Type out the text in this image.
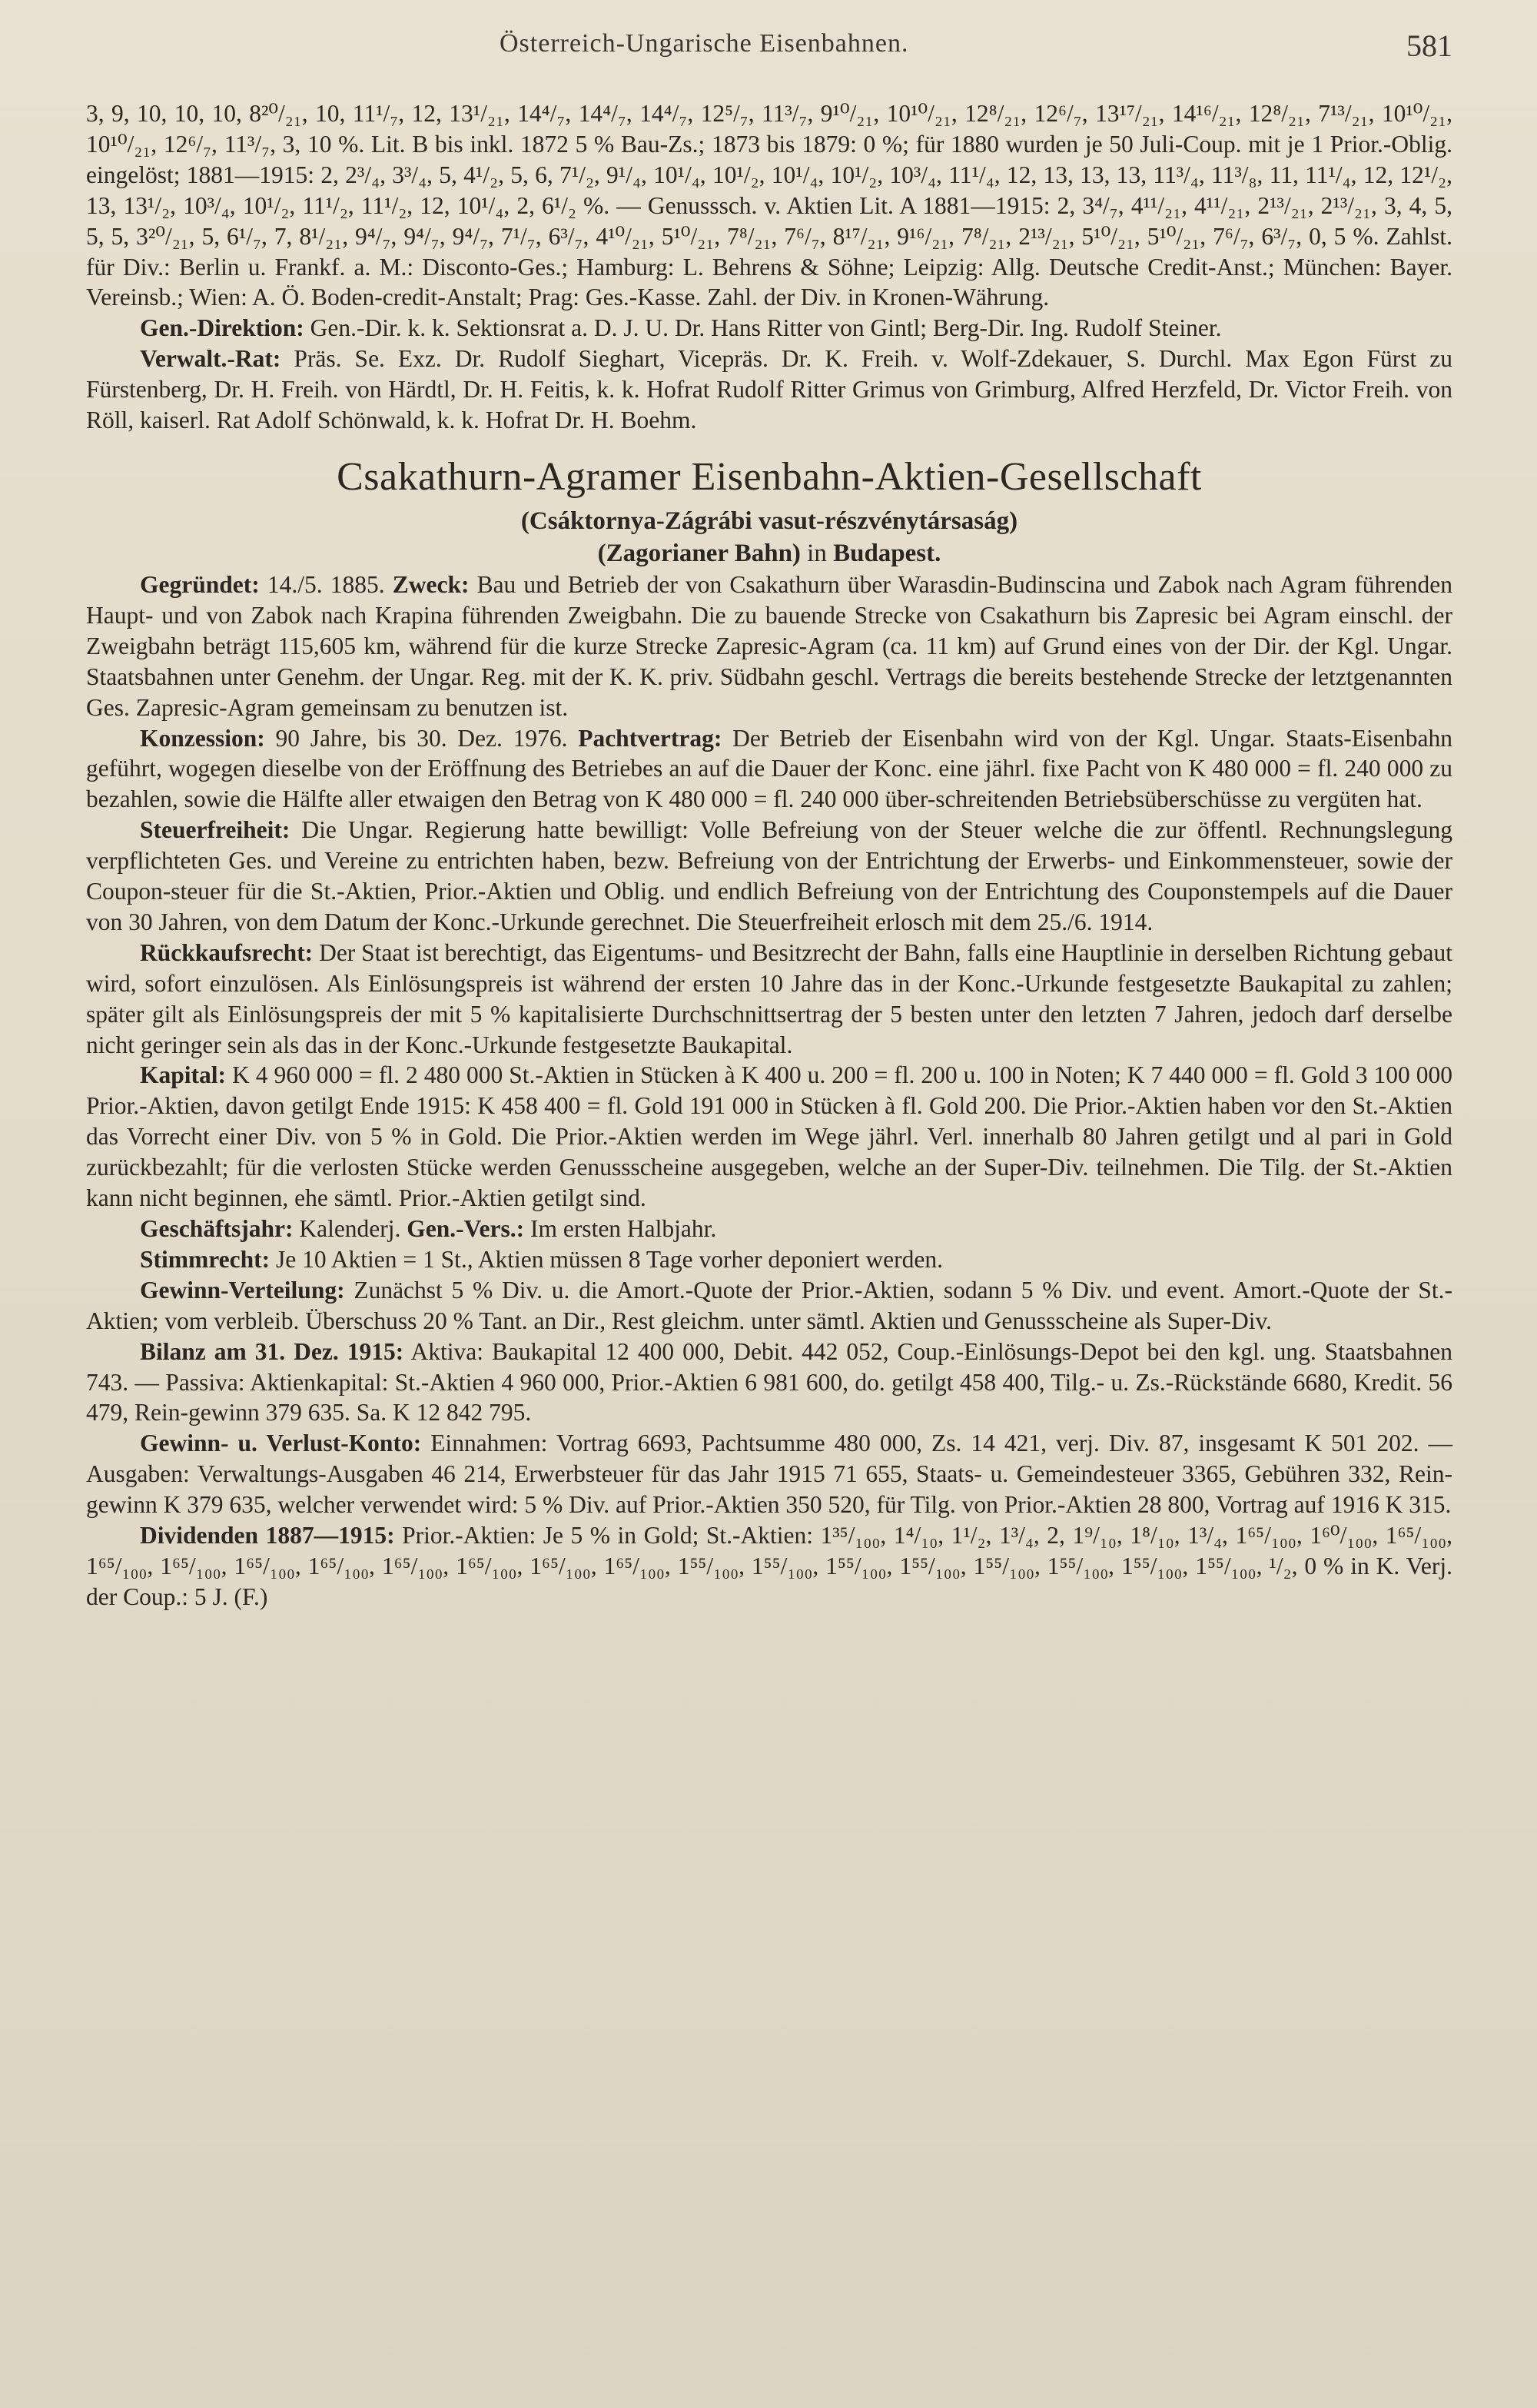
Österreich-Ungarische Eisenbahnen.	581

3, 9, 10, 10, 10, 8²⁰/₂₁, 10, 11¹/₇, 12, 13¹/₂₁, 14⁴/₇, 14⁴/₇, 14⁴/₇, 12⁵/₇, 11³/₇, 9¹⁰/₂₁, 10¹⁰/₂₁, 12⁸/₂₁, 12⁶/₇, 13¹⁷/₂₁, 14¹⁶/₂₁, 12⁸/₂₁, 7¹³/₂₁, 10¹⁰/₂₁, 10¹⁰/₂₁, 12⁶/₇, 11³/₇, 3, 10 %. Lit. B bis inkl. 1872 5 % Bau-Zs.; 1873 bis 1879: 0 %; für 1880 wurden je 50 Juli-Coup. mit je 1 Prior.-Oblig. eingelöst; 1881—1915: 2, 2³/₄, 3³/₄, 5, 4¹/₂, 5, 6, 7¹/₂, 9¹/₄, 10¹/₄, 10¹/₂, 10¹/₄, 10¹/₂, 10³/₄, 11¹/₄, 12, 13, 13, 13, 11³/₄, 11³/₈, 11, 11¹/₄, 12, 12¹/₂, 13, 13¹/₂, 10³/₄, 10¹/₂, 11¹/₂, 11¹/₂, 12, 10¹/₄, 2, 6¹/₂ %. — Genusssch. v. Aktien Lit. A 1881—1915: 2, 3⁴/₇, 4¹¹/₂₁, 4¹¹/₂₁, 2¹³/₂₁, 2¹³/₂₁, 3, 4, 5, 5, 5, 3²⁰/₂₁, 5, 6¹/₇, 7, 8¹/₂₁, 9⁴/₇, 9⁴/₇, 9⁴/₇, 7¹/₇, 6³/₇, 4¹⁰/₂₁, 5¹⁰/₂₁, 7⁸/₂₁, 7⁶/₇, 8¹⁷/₂₁, 9¹⁶/₂₁, 7⁸/₂₁, 2¹³/₂₁, 5¹⁰/₂₁, 5¹⁰/₂₁, 7⁶/₇, 6³/₇, 0, 5 %. Zahlst. für Div.: Berlin u. Frankf. a. M.: Disconto-Ges.; Hamburg: L. Behrens & Söhne; Leipzig: Allg. Deutsche Credit-Anst.; München: Bayer. Vereinsb.; Wien: A. Ö. Boden-credit-Anstalt; Prag: Ges.-Kasse. Zahl. der Div. in Kronen-Währung.

Gen.-Direktion: Gen.-Dir. k. k. Sektionsrat a. D. J. U. Dr. Hans Ritter von Gintl; Berg-Dir. Ing. Rudolf Steiner.

Verwalt.-Rat: Präs. Se. Exz. Dr. Rudolf Sieghart, Vicepräs. Dr. K. Freih. v. Wolf-Zdekauer, S. Durchl. Max Egon Fürst zu Fürstenberg, Dr. H. Freih. von Härdtl, Dr. H. Feitis, k. k. Hofrat Rudolf Ritter Grimus von Grimburg, Alfred Herzfeld, Dr. Victor Freih. von Röll, kaiserl. Rat Adolf Schönwald, k. k. Hofrat Dr. H. Boehm.

Csakathurn-Agramer Eisenbahn-Aktien-Gesellschaft
(Csáktornya-Zágrábi vasut-részvénytársaság)
(Zagorianer Bahn) in Budapest.

Gegründet: 14./5. 1885. Zweck: Bau und Betrieb der von Csakathurn über Warasdin-Budinscina und Zabok nach Agram führenden Haupt- und von Zabok nach Krapina führenden Zweigbahn. Die zu bauende Strecke von Csakathurn bis Zapresic bei Agram einschl. der Zweigbahn beträgt 115,605 km, während für die kurze Strecke Zapresic-Agram (ca. 11 km) auf Grund eines von der Dir. der Kgl. Ungar. Staatsbahnen unter Genehm. der Ungar. Reg. mit der K. K. priv. Südbahn geschl. Vertrags die bereits bestehende Strecke der letztgenannten Ges. Zapresic-Agram gemeinsam zu benutzen ist.

Konzession: 90 Jahre, bis 30. Dez. 1976. Pachtvertrag: Der Betrieb der Eisenbahn wird von der Kgl. Ungar. Staats-Eisenbahn geführt, wogegen dieselbe von der Eröffnung des Betriebes an auf die Dauer der Konc. eine jährl. fixe Pacht von K 480 000 = fl. 240 000 zu bezahlen, sowie die Hälfte aller etwaigen den Betrag von K 480 000 = fl. 240 000 über-schreitenden Betriebsüberschüsse zu vergüten hat.

Steuerfreiheit: Die Ungar. Regierung hatte bewilligt: Volle Befreiung von der Steuer welche die zur öffentl. Rechnungslegung verpflichteten Ges. und Vereine zu entrichten haben, bezw. Befreiung von der Entrichtung der Erwerbs- und Einkommensteuer, sowie der Coupon-steuer für die St.-Aktien, Prior.-Aktien und Oblig. und endlich Befreiung von der Entrichtung des Couponstempels auf die Dauer von 30 Jahren, von dem Datum der Konc.-Urkunde gerechnet. Die Steuerfreiheit erlosch mit dem 25./6. 1914.

Rückkaufsrecht: Der Staat ist berechtigt, das Eigentums- und Besitzrecht der Bahn, falls eine Hauptlinie in derselben Richtung gebaut wird, sofort einzulösen. Als Einlösungspreis ist während der ersten 10 Jahre das in der Konc.-Urkunde festgesetzte Baukapital zu zahlen; später gilt als Einlösungspreis der mit 5 % kapitalisierte Durchschnittsertrag der 5 besten unter den letzten 7 Jahren, jedoch darf derselbe nicht geringer sein als das in der Konc.-Urkunde festgesetzte Baukapital.

Kapital: K 4 960 000 = fl. 2 480 000 St.-Aktien in Stücken à K 400 u. 200 = fl. 200 u. 100 in Noten; K 7 440 000 = fl. Gold 3 100 000 Prior.-Aktien, davon getilgt Ende 1915: K 458 400 = fl. Gold 191 000 in Stücken à fl. Gold 200. Die Prior.-Aktien haben vor den St.-Aktien das Vorrecht einer Div. von 5 % in Gold. Die Prior.-Aktien werden im Wege jährl. Verl. innerhalb 80 Jahren getilgt und al pari in Gold zurückbezahlt; für die verlosten Stücke werden Genussscheine ausgegeben, welche an der Super-Div. teilnehmen. Die Tilg. der St.-Aktien kann nicht beginnen, ehe sämtl. Prior.-Aktien getilgt sind.

Geschäftsjahr: Kalenderj. Gen.-Vers.: Im ersten Halbjahr.

Stimmrecht: Je 10 Aktien = 1 St., Aktien müssen 8 Tage vorher deponiert werden.

Gewinn-Verteilung: Zunächst 5 % Div. u. die Amort.-Quote der Prior.-Aktien, sodann 5 % Div. und event. Amort.-Quote der St.-Aktien; vom verbleib. Überschuss 20 % Tant. an Dir., Rest gleichm. unter sämtl. Aktien und Genussscheine als Super-Div.

Bilanz am 31. Dez. 1915: Aktiva: Baukapital 12 400 000, Debit. 442 052, Coup.-Einlösungs-Depot bei den kgl. ung. Staatsbahnen 743. — Passiva: Aktienkapital: St.-Aktien 4 960 000, Prior.-Aktien 6 981 600, do. getilgt 458 400, Tilg.- u. Zs.-Rückstände 6680, Kredit. 56 479, Rein-gewinn 379 635. Sa. K 12 842 795.

Gewinn- u. Verlust-Konto: Einnahmen: Vortrag 6693, Pachtsumme 480 000, Zs. 14 421, verj. Div. 87, insgesamt K 501 202. — Ausgaben: Verwaltungs-Ausgaben 46 214, Erwerbsteuer für das Jahr 1915 71 655, Staats- u. Gemeindesteuer 3365, Gebühren 332, Rein-gewinn K 379 635, welcher verwendet wird: 5 % Div. auf Prior.-Aktien 350 520, für Tilg. von Prior.-Aktien 28 800, Vortrag auf 1916 K 315.

Dividenden 1887—1915: Prior.-Aktien: Je 5 % in Gold; St.-Aktien: 1³⁵/₁₀₀, 1⁴/₁₀, 1¹/₂, 1³/₄, 2, 1⁹/₁₀, 1⁸/₁₀, 1³/₄, 1⁶⁵/₁₀₀, 1⁶⁰/₁₀₀, 1⁶⁵/₁₀₀, 1⁶⁵/₁₀₀, 1⁶⁵/₁₀₀, 1⁶⁵/₁₀₀, 1⁶⁵/₁₀₀, 1⁶⁵/₁₀₀, 1⁶⁵/₁₀₀, 1⁶⁵/₁₀₀, 1⁶⁵/₁₀₀, 1⁵⁵/₁₀₀, 1⁵⁵/₁₀₀, 1⁵⁵/₁₀₀, 1⁵⁵/₁₀₀, 1⁵⁵/₁₀₀, 1⁵⁵/₁₀₀, 1⁵⁵/₁₀₀, 1⁵⁵/₁₀₀, ¹/₂, 0 % in K. Verj. der Coup.: 5 J. (F.)
